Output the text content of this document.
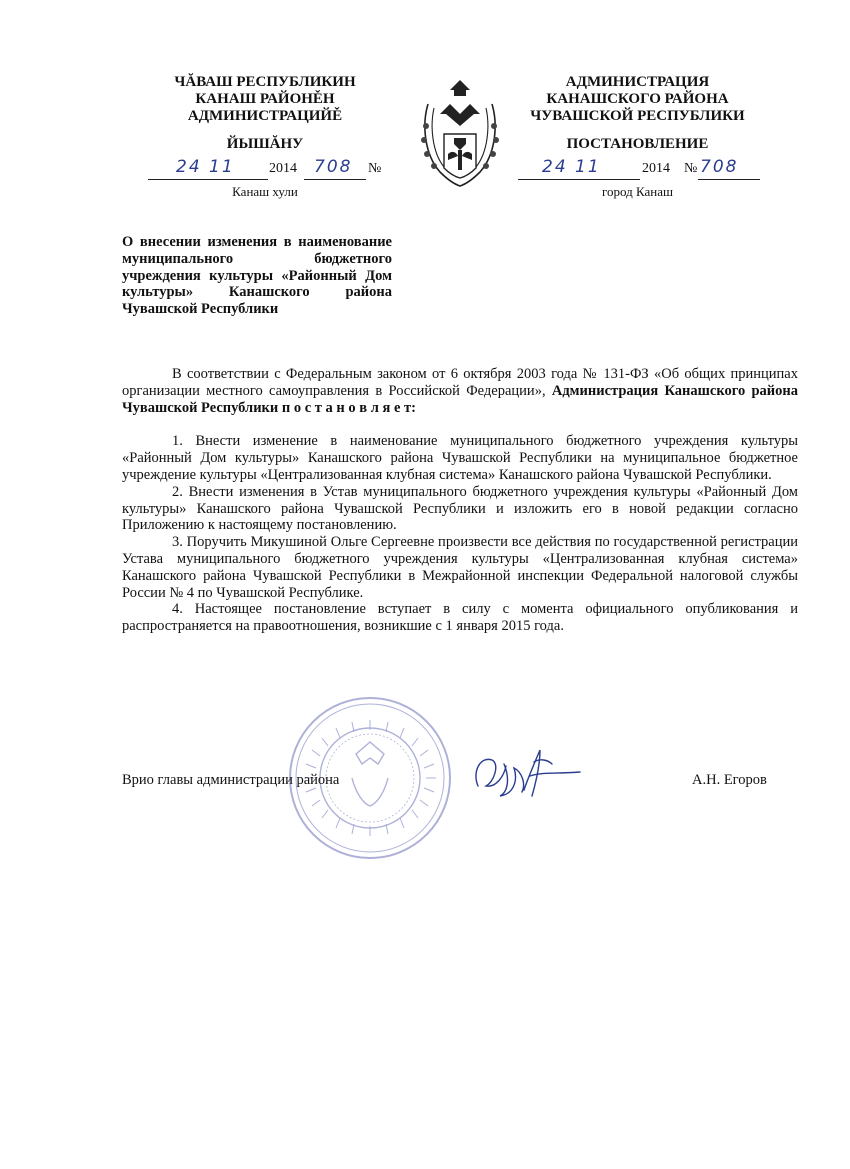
ЧĂВАШ РЕСПУБЛИКИН
КАНАШ РАЙОНĚН
АДМИНИСТРАЦИЙĚ
ЙЫШĂНУ
24 11 2014 708 №
Канаш хули
АДМИНИСТРАЦИЯ
КАНАШСКОГО РАЙОНА
ЧУВАШСКОЙ РЕСПУБЛИКИ
ПОСТАНОВЛЕНИЕ
24 11	2014 № 708
город Канаш
О внесении изменения в наименование муниципального бюджетного учреждения культуры «Районный Дом культуры» Канашского района Чувашской Республики

В соответствии с Федеральным законом от 6 октября 2003 года № 131-ФЗ «Об общих принципах организации местного самоуправления в Российской Федерации», Администрация Канашского района Чувашской Республики п о с т а н о в л я е т:

1. Внести изменение в наименование муниципального бюджетного учреждения культуры «Районный Дом культуры» Канашского района Чувашской Республики на муниципальное бюджетное учреждение культуры «Централизованная клубная система» Канашского района Чувашской Республики.

2. Внести изменения в Устав муниципального бюджетного учреждения культуры «Районный Дом культуры» Канашского района Чувашской Республики и изложить его в новой редакции согласно Приложению к настоящему постановлению.

3. Поручить Микушиной Ольге Сергеевне произвести все действия по государственной регистрации Устава муниципального бюджетного учреждения культуры «Централизованная клубная система» Канашского района Чувашской Республики в Межрайонной инспекции Федеральной налоговой службы России № 4 по Чувашской Республике.

4. Настоящее постановление вступает в силу с момента официального опубликования и распространяется на правоотношения, возникшие с 1 января 2015 года.

Врио главы администрации района	А.Н. Егоров
